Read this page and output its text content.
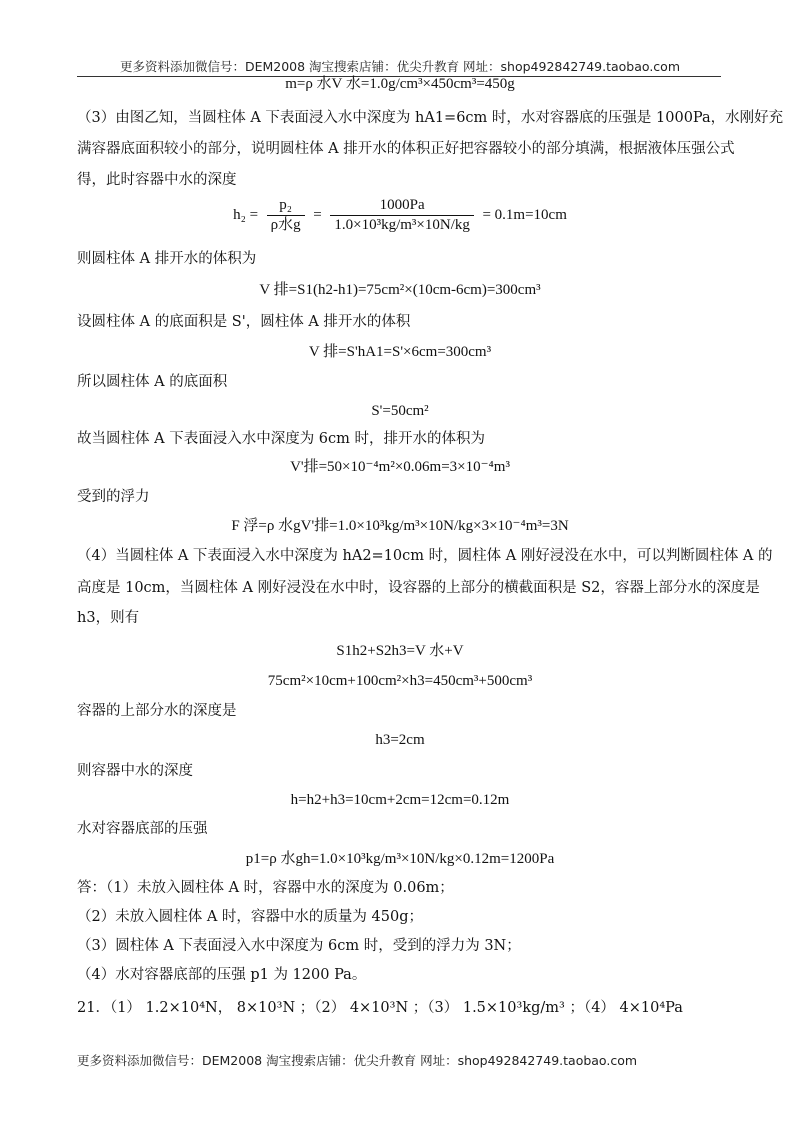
更多资料添加微信号：DEM2008 淘宝搜索店铺：优尖升教育 网址：shop492842749.taobao.com
m=ρ 水V 水=1.0g/cm³×450cm³=450g
（3）由图乙知，当圆柱体 A 下表面浸入水中深度为 hA1=6cm 时，水对容器底的压强是 1000Pa，水刚好充
满容器底面积较小的部分，说明圆柱体 A 排开水的体积正好把容器较小的部分填满，根据液体压强公式
得，此时容器中水的深度
$h_2 = \frac{\text{p₂}}{\text{ρ水g}} = \frac{1000Pa}{\text{1.0×10³kg/m³×10N/kg}} = 0.1m=10cm$
则圆柱体 A 排开水的体积为
V 排=S1(h2-h1)=75cm²×(10cm-6cm)=300cm³
设圆柱体 A 的底面积是 S'，圆柱体 A 排开水的体积
V 排=S'hA1=S'×6cm=300cm³
所以圆柱体 A 的底面积
S'=50cm²
故当圆柱体 A 下表面浸入水中深度为 6cm 时，排开水的体积为
V'排=50×10⁻⁴m²×0.06m=3×10⁻⁴m³
受到的浮力
F 浮=ρ 水gV'排=1.0×10³kg/m³×10N/kg×3×10⁻⁴m³=3N
（4）当圆柱体 A 下表面浸入水中深度为 hA2=10cm 时，圆柱体 A 刚好浸没在水中，可以判断圆柱体 A 的
高度是 10cm，当圆柱体 A 刚好浸没在水中时，设容器的上部分的横截面积是 S2，容器上部分水的深度是
h3，则有
S1h2+S2h3=V 水+V
75cm²×10cm+100cm²×h3=450cm³+500cm³
容器的上部分水的深度是
h3=2cm
则容器中水的深度
h=h2+h3=10cm+2cm=12cm=0.12m
水对容器底部的压强
p1=ρ 水gh=1.0×10³kg/m³×10N/kg×0.12m=1200Pa
答：（1）未放入圆柱体 A 时，容器中水的深度为 0.06m；
（2）未放入圆柱体 A 时，容器中水的质量为 450g；
（3）圆柱体 A 下表面浸入水中深度为 6cm 时，受到的浮力为 3N；
（4）水对容器底部的压强 p1 为 1200 Pa。
21．（1） 1.2×10⁴N， 8×10³N ；（2） 4×10³N ；（3） 1.5×10³kg/m³ ；（4） 4×10⁴Pa
更多资料添加微信号：DEM2008 淘宝搜索店铺：优尖升教育 网址：shop492842749.taobao.com
